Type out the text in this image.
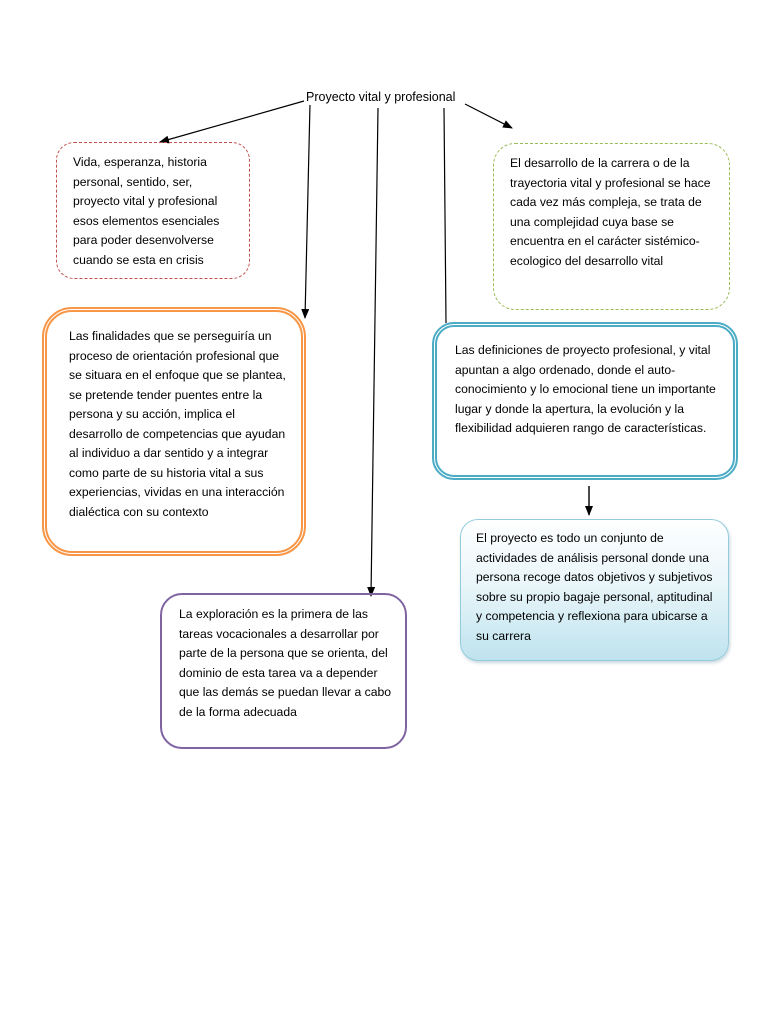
Proyecto vital y profesional

Vida, esperanza, historia personal, sentido, ser, proyecto vital y profesional esos elementos esenciales para poder desenvolverse cuando se esta en crisis

El desarrollo de la carrera o de la trayectoria vital y profesional se hace cada vez más compleja, se trata de una complejidad cuya base se encuentra en el carácter sistémico-ecologico del desarrollo vital

Las finalidades que se perseguiría un proceso de orientación profesional que se situara en el enfoque que se plantea, se pretende tender puentes entre la persona y su acción, implica el desarrollo de competencias que ayudan al individuo a dar sentido y a integrar como parte de su historia vital a sus experiencias, vividas en una interacción dialéctica con su contexto

Las definiciones de proyecto profesional, y vital apuntan a algo ordenado, donde el auto-conocimiento y lo emocional tiene un importante lugar y donde la apertura, la evolución y la flexibilidad adquieren rango de características.

El proyecto es todo un conjunto de actividades de análisis personal donde una persona recoge datos objetivos y subjetivos sobre su propio bagaje personal, aptitudinal y competencia y reflexiona para ubicarse a su carrera

La exploración es la primera de las tareas vocacionales a desarrollar por parte de la persona que se orienta, del dominio de esta tarea va a depender que las demás se puedan llevar a cabo de la forma adecuada
